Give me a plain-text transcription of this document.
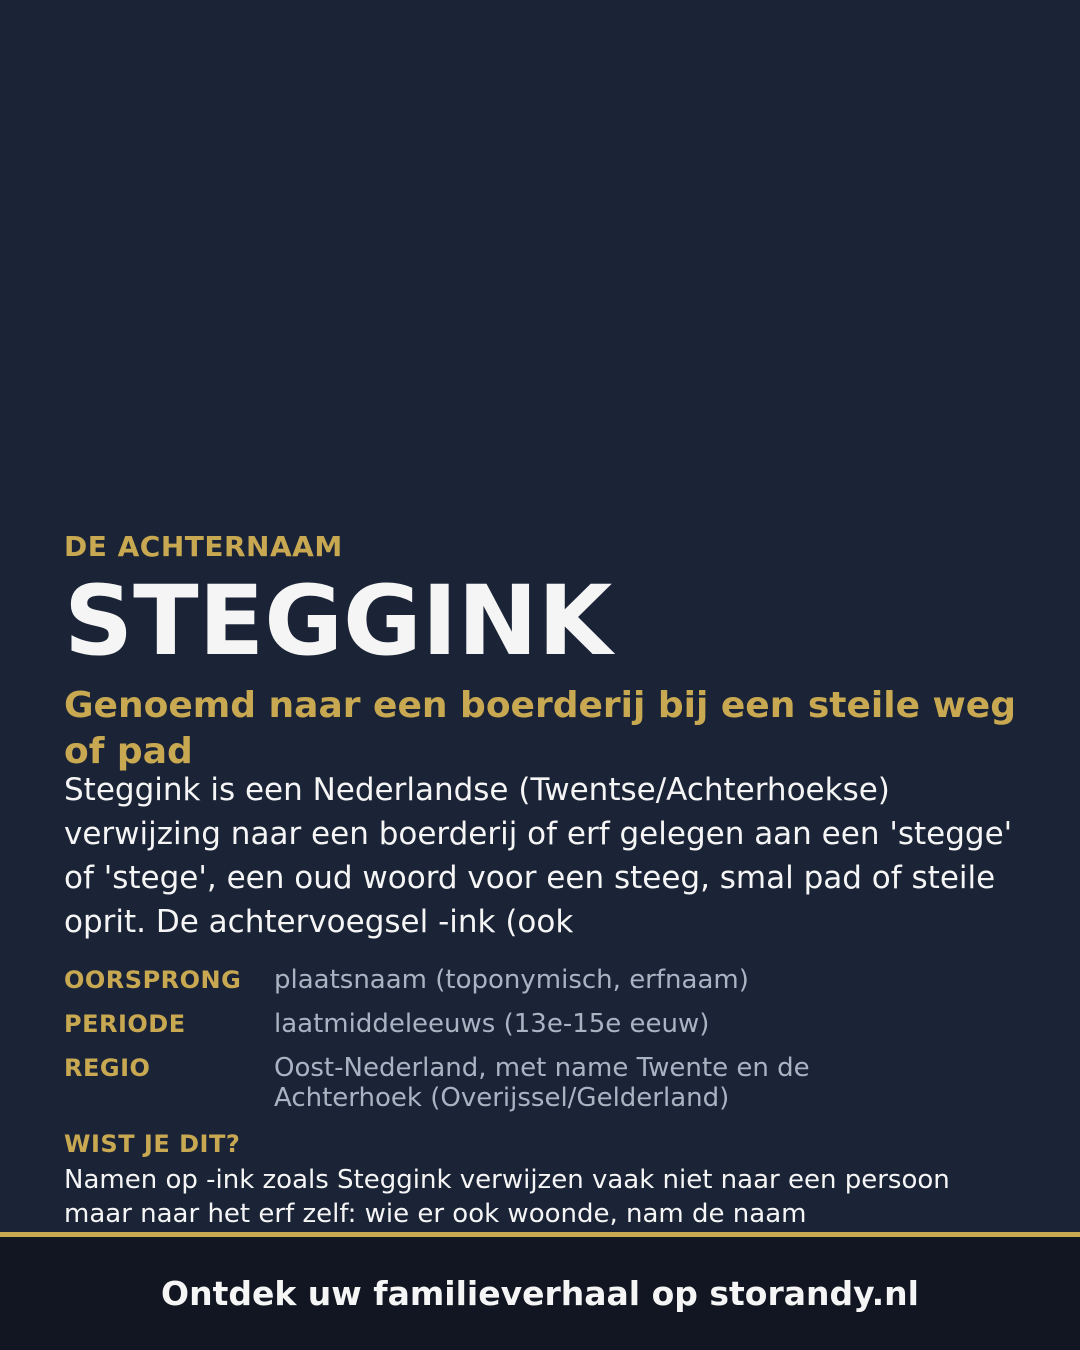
DE ACHTERNAAM
STEGGINK
Genoemd naar een boerderij bij een steile weg of pad
Steggink is een Nederlandse (Twentse/Achterhoekse) verwijzing naar een boerderij of erf gelegen aan een 'stegge' of 'stege', een oud woord voor een steeg, smal pad of steile oprit. De achtervoegsel -ink (ook
OORSPRONG	plaatsnaam (toponymisch, erfnaam)
PERIODE	laatmiddeleeuws (13e-15e eeuw)
REGIO	Oost-Nederland, met name Twente en de Achterhoek (Overijssel/Gelderland)
WIST JE DIT?
Namen op -ink zoals Steggink verwijzen vaak niet naar een persoon maar naar het erf zelf: wie er ook woonde, nam de naam
Ontdek uw familieverhaal op storandy.nl
